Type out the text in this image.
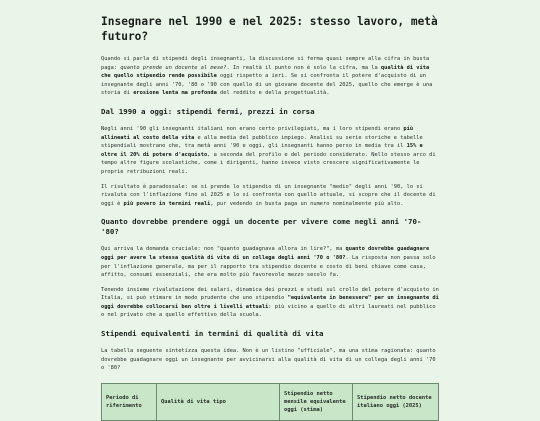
Insegnare nel 1990 e nel 2025: stesso lavoro, metà futuro?

Quando si parla di stipendi degli insegnanti, la discussione si ferma quasi sempre alla cifra in busta paga: quanto prende un docente al mese?. In realtà il punto non è solo la cifra, ma la qualità di vita che quello stipendio rende possibile oggi rispetto a ieri. Se si confronta il potere d'acquisto di un insegnante degli anni '70, '80 o '90 con quello di un giovane docente del 2025, quello che emerge è una storia di erosione lenta ma profonda del reddito e della progettualità.

Dal 1990 a oggi: stipendi fermi, prezzi in corsa

Negli anni '90 gli insegnanti italiani non erano certo privilegiati, ma i loro stipendi erano più allineati al costo della vita e alla media del pubblico impiego. Analisi su serie storiche e tabelle stipendiali mostrano che, tra metà anni '90 e oggi, gli insegnanti hanno perso in media tra il 15% e oltre il 20% di potere d'acquisto, a seconda del profilo e del periodo considerato. Nello stesso arco di tempo altre figure scolastiche, come i dirigenti, hanno invece visto crescere significativamente le proprie retribuzioni reali.

Il risultato è paradossale: se si prende lo stipendio di un insegnante "medio" degli anni '90, lo si rivaluta con l'inflazione fino al 2025 e lo si confronta con quello attuale, si scopre che il docente di oggi è più povero in termini reali, pur vedendo in busta paga un numero nominalmente più alto.

Quanto dovrebbe prendere oggi un docente per vivere come negli anni '70-'80?

Qui arriva la domanda cruciale: non "quanto guadagnava allora in lire?", ma quanto dovrebbe guadagnare oggi per avere la stessa qualità di vita di un collega degli anni '70 o '80?. La risposta non passa solo per l'inflazione generale, ma per il rapporto tra stipendio docente e costo di beni chiave come casa, affitto, consumi essenziali, che era molto più favorevole mezzo secolo fa.

Tenendo insieme rivalutazione dei salari, dinamica dei prezzi e studi sul crollo del potere d'acquisto in Italia, si può stimare in modo prudente che uno stipendio "equivalente in benessere" per un insegnante di oggi dovrebbe collocarsi ben oltre i livelli attuali: più vicino a quello di altri laureati nel pubblico o nel privato che a quello effettivo della scuola.

Stipendi equivalenti in termini di qualità di vita

La tabella seguente sintetizza questa idea. Non è un listino "ufficiale", ma una stima ragionata: quanto dovrebbe guadagnare oggi un insegnante per avvicinarsi alla qualità di vita di un collega degli anni '70 o '80?

Periodo di riferimento	Qualità di vita tipo	Stipendio netto mensile equivalente oggi (stima)	Stipendio netto docente italiano oggi (2025)
